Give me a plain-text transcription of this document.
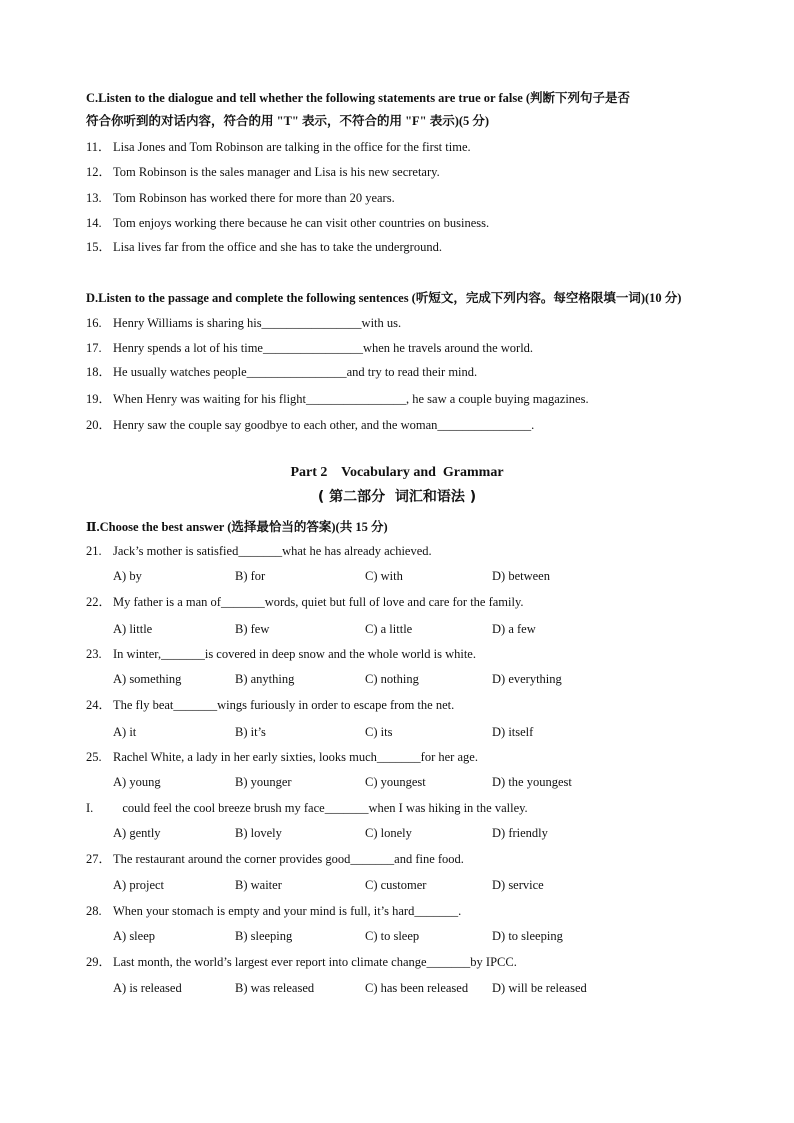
C.Listen to the dialogue and tell whether the following statements are true or false (判断下列句子是否
符合你听到的对话内容，符合的用 "T" 表示，不符合的用 "F" 表示)(5 分)
11． Lisa Jones and Tom Robinson are talking in the office for the first time.
12． Tom Robinson is the sales manager and Lisa is his new secretary.
13. Tom Robinson has worked there for more than 20 years.
14. Tom enjoys working there because he can visit other countries on business.
15． Lisa lives far from the office and she has to take the underground.
D.Listen to the passage and complete the following sentences (听短文，完成下列内容。每空格限填一词)(10 分)
16. Henry Williams is sharing his________________with us.
17. Henry spends a lot of his time________________when he travels around the world.
18． He usually watches people________________and try to read their mind.
19． When Henry was waiting for his flight________________, he saw a couple buying magazines.
20． Henry saw the couple say goodbye to each other, and the woman_______________.
Part 2    Vocabulary and  Grammar
( 第二部分  词汇和语法 )
Ⅱ.Choose the best answer (选择最恰当的答案)(共 15 分)
21. Jack’s mother is satisfied_______what he has already achieved.
A) by	B) for	C) with	D) between
22． My father is a man of_______words, quiet but full of love and care for the family.
A) little	B) few	C) a little	D) a few
23. In winter,_______is covered in deep snow and the whole world is white.
A) something	B) anything	C) nothing	D) everything
24． The fly beat_______wings furiously in order to escape from the net.
A) it	B) it’s	C) its	D) itself
25. Rachel White, a lady in her early sixties, looks much_______for her age.
A) young	B) younger	C) youngest	D) the youngest
I.   could feel the cool breeze brush my face_______when I was hiking in the valley.
A) gently	B) lovely	C) lonely	D) friendly
27． The restaurant around the corner provides good_______and fine food.
A) project	B) waiter	C) customer	D) service
28. When your stomach is empty and your mind is full, it’s hard_______.
A) sleep	B) sleeping	C) to sleep	D) to sleeping
29． Last month, the world’s largest ever report into climate change_______by IPCC.
A) is released	B) was released	C) has been released D) will be released
